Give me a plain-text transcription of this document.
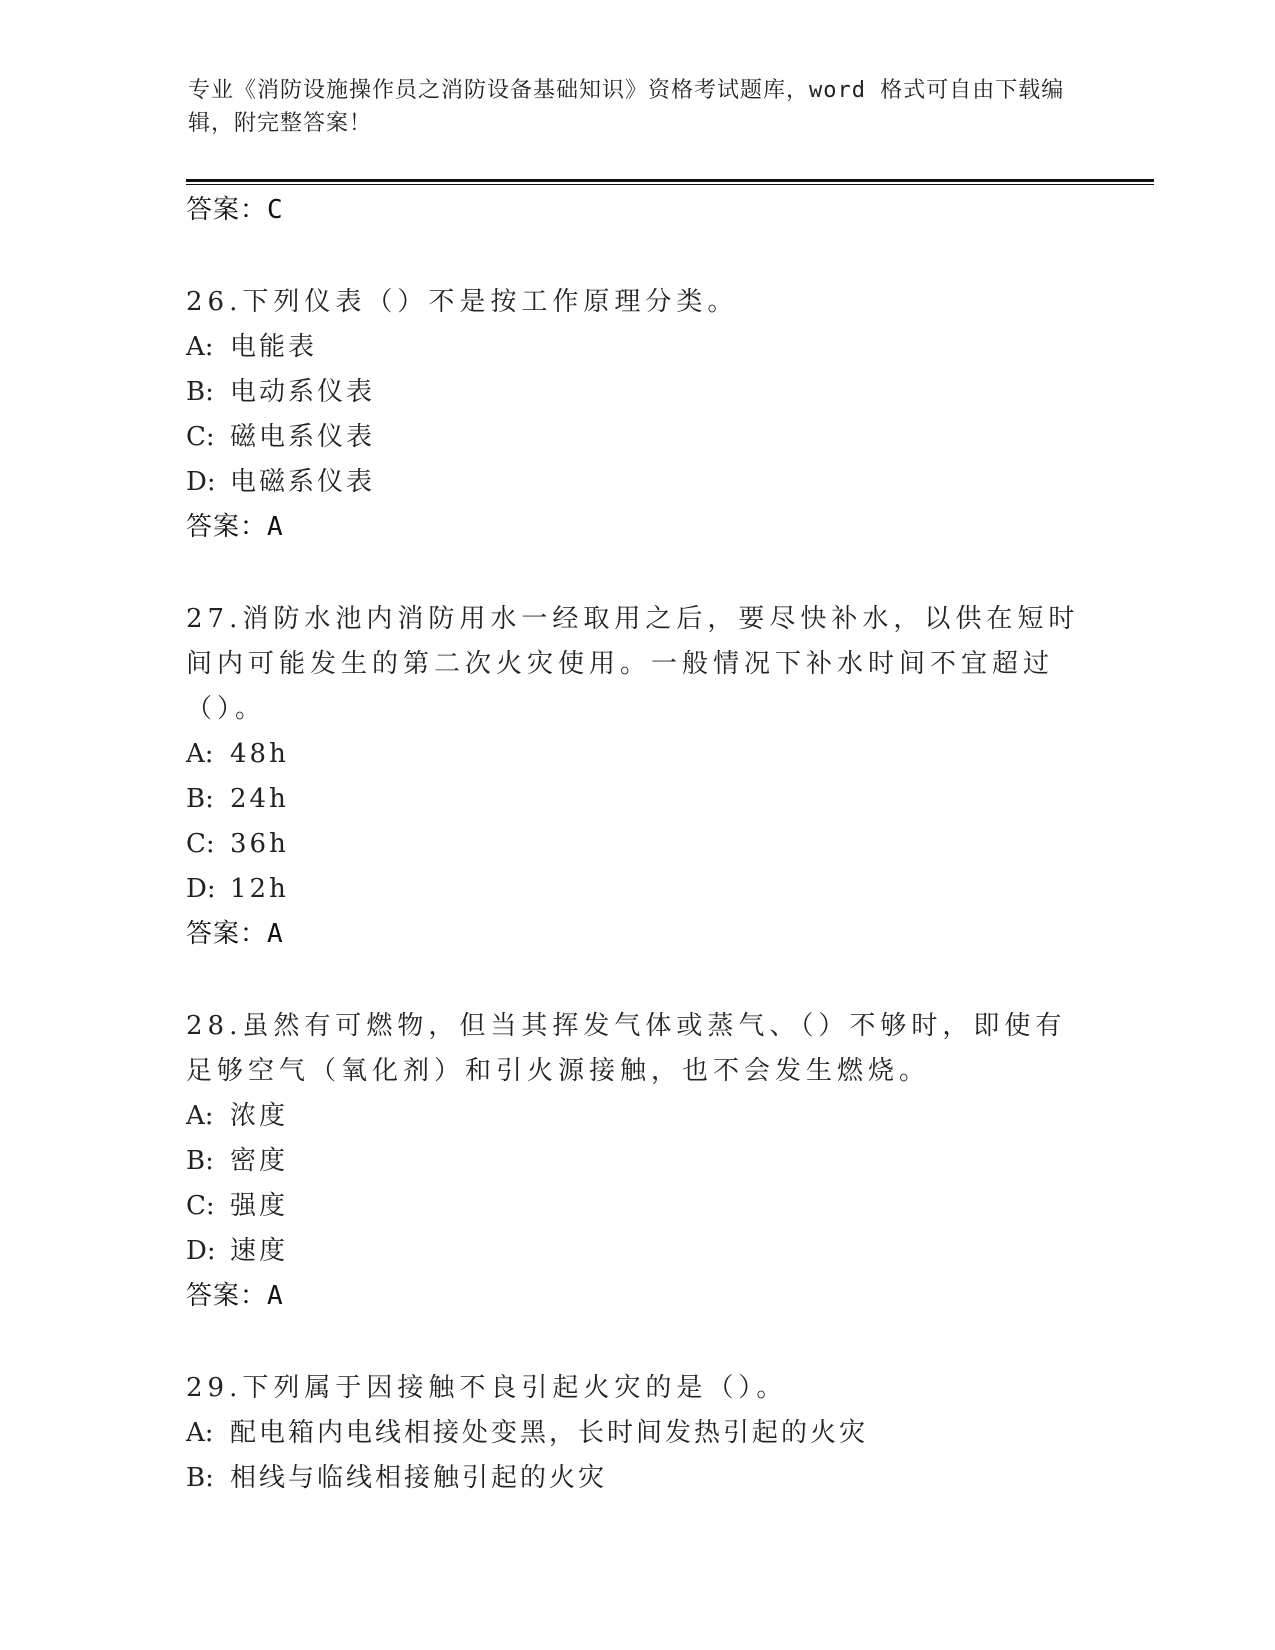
专业《消防设施操作员之消防设备基础知识》资格考试题库，word 格式可自由下载编辑，附完整答案！
答案：C
26.下列仪表（）不是按工作原理分类。
A: 电能表
B: 电动系仪表
C: 磁电系仪表
D: 电磁系仪表
答案：A
27.消防水池内消防用水一经取用之后，要尽快补水，以供在短时间内可能发生的第二次火灾使用。一般情况下补水时间不宜超过（）。
A: 48h
B: 24h
C: 36h
D: 12h
答案：A
28.虽然有可燃物，但当其挥发气体或蒸气、（）不够时，即使有足够空气（氧化剂）和引火源接触，也不会发生燃烧。
A: 浓度
B: 密度
C: 强度
D: 速度
答案：A
29.下列属于因接触不良引起火灾的是（）。
A: 配电箱内电线相接处变黑，长时间发热引起的火灾
B: 相线与临线相接触引起的火灾
